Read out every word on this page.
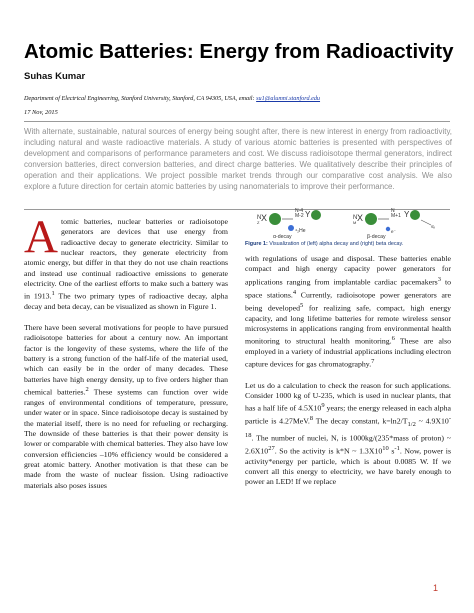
Atomic Batteries: Energy from Radioactivity
Suhas Kumar
Department of Electrical Engineering, Stanford University, Stanford, CA 94305, USA, email: su1@alumni.stanford.edu
17 Nov, 2015

With alternate, sustainable, natural sources of energy being sought after, there is new interest in energy from radioactivity, including natural and waste radioactive materials. A study of various atomic batteries is presented with perspectives of development and comparisons of performance parameters and cost. We discuss radioisotope thermal generators, indirect conversion batteries, direct conversion batteries, and direct charge batteries. We qualitatively describe their principles of operation and their applications. We project possible market trends through our comparative cost analysis. We also explore a future direction for certain atomic batteries by using nanomaterials to improve their performance.

Atomic batteries, nuclear batteries or radioisotope generators are devices that use energy from radioactive decay to generate electricity. Similar to nuclear reactors, they generate electricity from atomic energy, but differ in that they do not use chain reactions and instead use continual radioactive emissions to generate electricity. One of the earliest efforts to make such a battery was in 1913.$^1$ The two primary types of radioactive decay, alpha decay and beta decay, can be visualized as shown in Figure 1.

There have been several motivations for people to have pursued radioisotope batteries for about a century now. An important factor is the longevity of these systems, where the life of the battery is a strong function of the half-life of the material used, which can easily be in the order of many decades. These batteries have high energy density, up to five orders higher than chemical batteries.$^2$ These systems can function over wide ranges of environmental conditions of temperature, pressure, under water or in space. Since radioisotope decay is sustained by the material itself, there is no need for refueling or recharging. The downside of these batteries is that their power density is lower or comparable with chemical batteries. They also have low conversion efficiencies –10% efficiency would be considered a great atomic battery. Another motivation is that these can be made from the waste of nuclear fission. Using radioactive materials also poses issues

N
Z X
⁴₂He
N-4
M-2 Y
α-decay
N
M X
e⁻
N
M+1 Y
ν̄ₑ
β-decay
Figure 1: Visualization of (left) alpha decay and (right) beta decay.

with regulations of usage and disposal. These batteries enable compact and high energy capacity power generators for applications ranging from implantable cardiac pacemakers$^3$ to space stations.$^4$ Currently, radioisotope power generators are being developed$^5$ for realizing safe, compact, high energy capacity, and long lifetime batteries for remote wireless sensor microsystems in applications ranging from environmental health monitoring to structural health monitoring.$^6$ These are also employed in a variety of industrial applications including electron capture devices for gas chromatography.$^7$

Let us do a calculation to check the reason for such applications. Consider 1000 kg of U-235, which is used in nuclear plants, that has a half life of $4.5X10^9$ years; the energy released in each alpha particle is 4.27MeV.$^8$ The decay constant, $k=\ln 2/T_{1/2}$ ~ $4.9X10^{-18}$. The number of nuclei, N, is 1000kg/(235*mass of proton) ~ $2.6X10^{27}$. So the activity is k*N ~ $1.3X10^{10}$ $s^{-1}$. Now, power is activity*energy per particle, which is about 0.0085 W. If we convert all this energy to electricity, we have barely enough to power an LED! If we replace

1
